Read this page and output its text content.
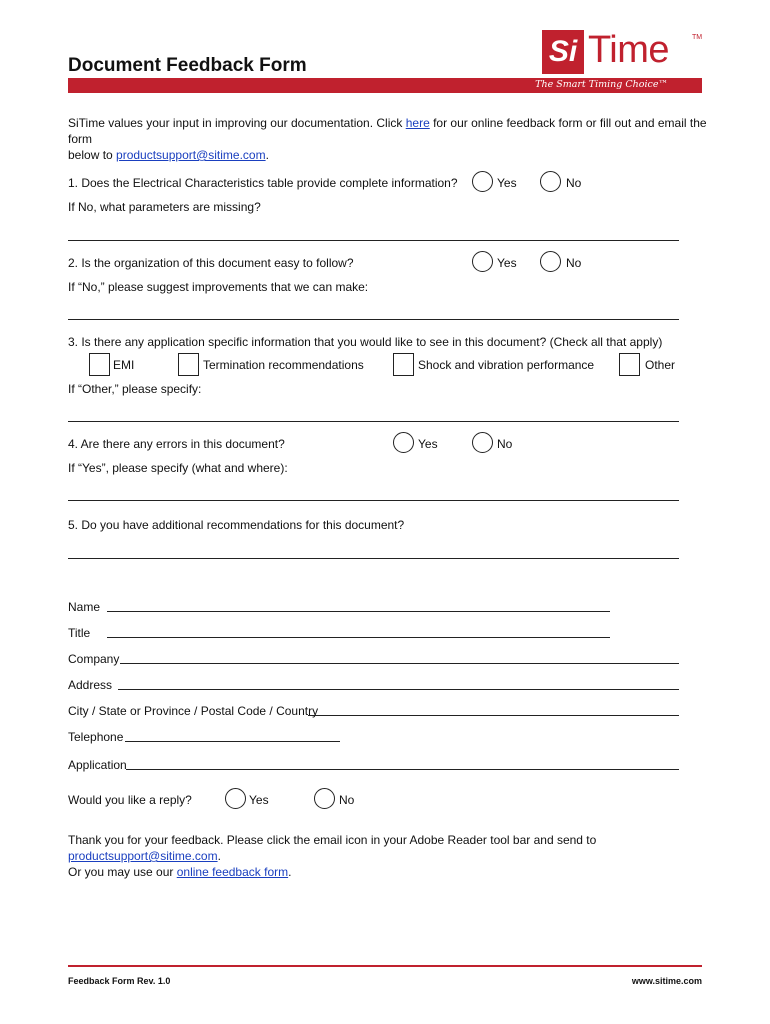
Document Feedback Form	Si Time	TM
The Smart Timing Choice™
SiTime values your input in improving our documentation. Click here for our online feedback form or fill out and email the form
below to productsupport@sitime.com.
1. Does the Electrical Characteristics table provide complete information?	Yes	No
If No, what parameters are missing?
2. Is the organization of this document easy to follow?	Yes	No
If “No,” please suggest improvements that we can make:
3. Is there any application specific information that you would like to see in this document? (Check all that apply)
EMI	Termination recommendations	Shock and vibration performance	Other
If “Other,” please specify:
4. Are there any errors in this document?	Yes	No
If “Yes”, please specify (what and where):
5. Do you have additional recommendations for this document?
Name
Title
Company
Address
City / State or Province / Postal Code / Country
Telephone
Application
Would you like a reply?	Yes	No
Thank you for your feedback. Please click the email icon in your Adobe Reader tool bar and send to productsupport@sitime.com.
Or you may use our online feedback form.
Feedback Form Rev. 1.0	www.sitime.com
